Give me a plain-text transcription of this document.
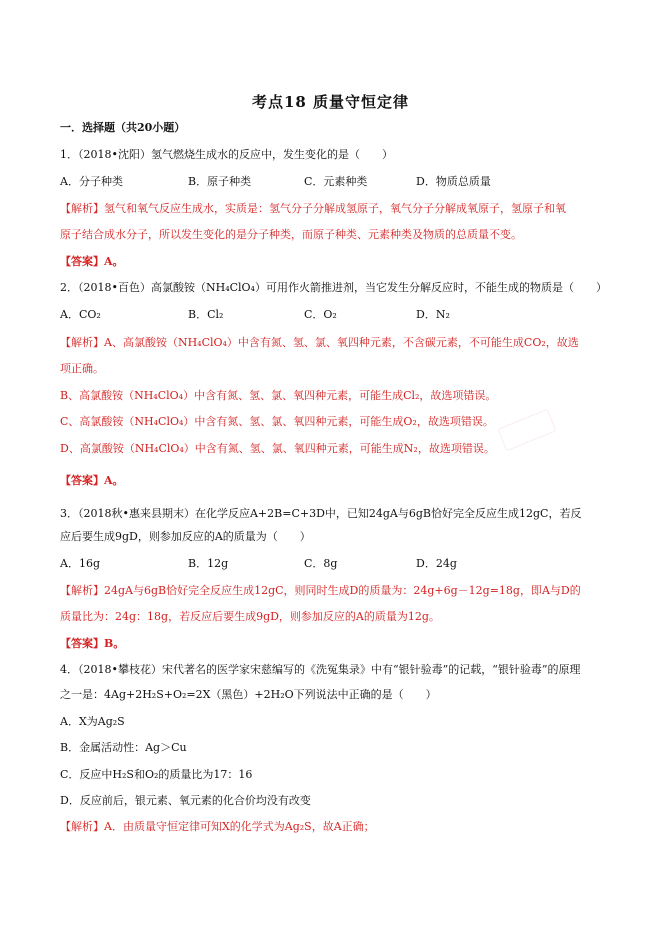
考点18 质量守恒定律
一．选择题（共20小题）
1．（2018•沈阳）氢气燃烧生成水的反应中，发生变化的是（　　）
A．分子种类	B．原子种类	C．元素种类	D．物质总质量
【解析】氢气和氧气反应生成水，实质是：氢气分子分解成氢原子，氧气分子分解成氧原子，氢原子和氧
原子结合成水分子，所以发生变化的是分子种类，而原子种类、元素种类及物质的总质量不变。
【答案】A。
2．（2018•百色）高氯酸铵（NH₄ClO₄）可用作火箭推进剂，当它发生分解反应时，不能生成的物质是（　　）
A．CO₂	B．Cl₂	C．O₂	D．N₂
【解析】A、高氯酸铵（NH₄ClO₄）中含有氮、氢、氯、氧四种元素，不含碳元素，不可能生成CO₂，故选
项正确。
B、高氯酸铵（NH₄ClO₄）中含有氮、氢、氯、氧四种元素，可能生成Cl₂，故选项错误。
C、高氯酸铵（NH₄ClO₄）中含有氮、氢、氯、氧四种元素，可能生成O₂，故选项错误。
D、高氯酸铵（NH₄ClO₄）中含有氮、氢、氯、氧四种元素，可能生成N₂，故选项错误。
【答案】A。
3．（2018秋•惠来县期末）在化学反应A+2B=C+3D中，已知24gA与6gB恰好完全反应生成12gC，若反
应后要生成9gD，则参加反应的A的质量为（　　）
A．16g	B．12g	C．8g	D．24g
【解析】24gA与6gB恰好完全反应生成12gC，则同时生成D的质量为：24g+6g－12g=18g，即A与D的
质量比为：24g：18g，若反应后要生成9gD，则参加反应的A的质量为12g。
【答案】B。
4．（2018•攀枝花）宋代著名的医学家宋慈编写的《洗冤集录》中有“银针验毒”的记载，“银针验毒”的原理
之一是：4Ag+2H₂S+O₂=2X（黑色）+2H₂O下列说法中正确的是（　　）
A．X为Ag₂S
B．金属活动性：Ag＞Cu
C．反应中H₂S和O₂的质量比为17：16
D．反应前后，银元素、氧元素的化合价均没有改变
【解析】A．由质量守恒定律可知X的化学式为Ag₂S，故A正确；
